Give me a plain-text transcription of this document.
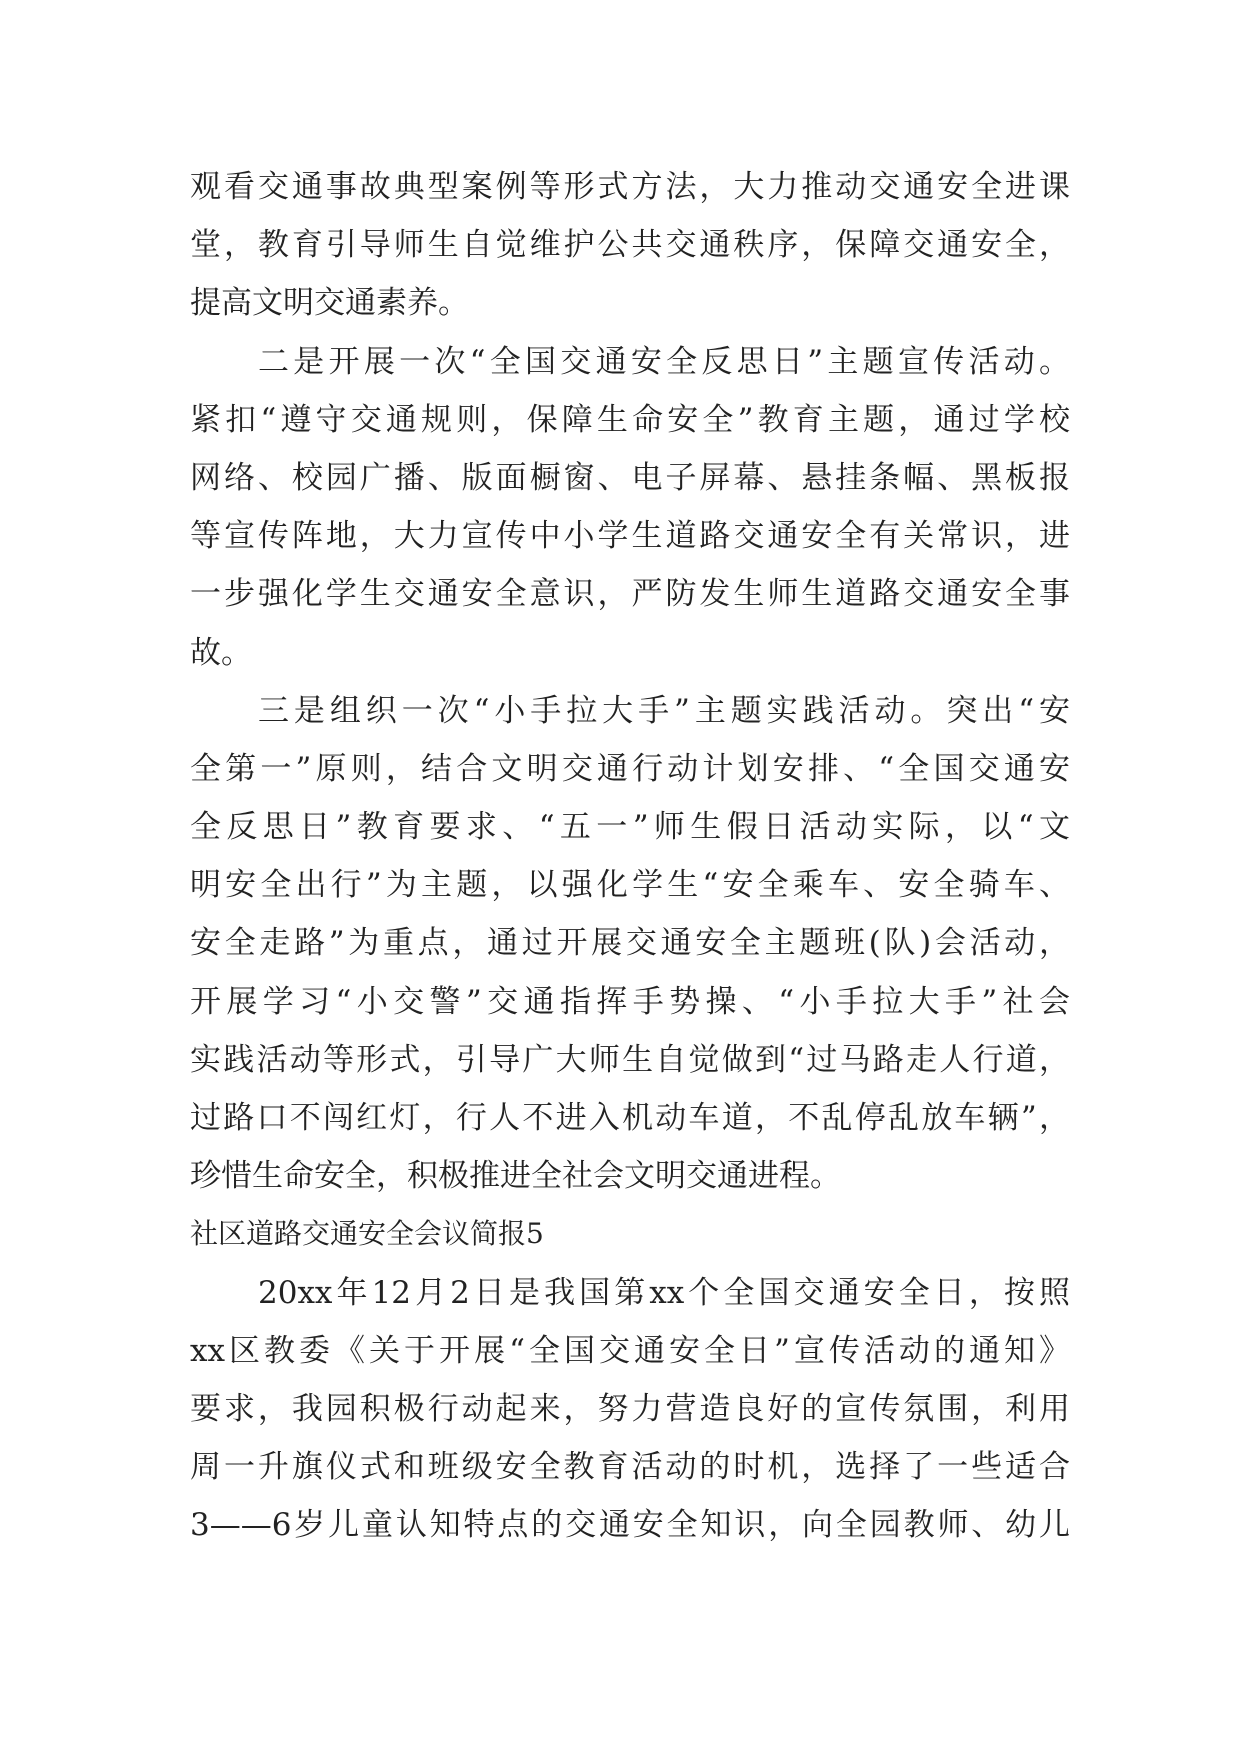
观看交通事故典型案例等形式方法，大力推动交通安全进课
堂，教育引导师生自觉维护公共交通秩序，保障交通安全，
提高文明交通素养。
二是开展一次“全国交通安全反思日”主题宣传活动。
紧扣“遵守交通规则，保障生命安全”教育主题，通过学校
网络、校园广播、版面橱窗、电子屏幕、悬挂条幅、黑板报
等宣传阵地，大力宣传中小学生道路交通安全有关常识，进
一步强化学生交通安全意识，严防发生师生道路交通安全事
故。
三是组织一次“小手拉大手”主题实践活动。突出“安
全第一”原则，结合文明交通行动计划安排、“全国交通安
全反思日”教育要求、“五一”师生假日活动实际，以“文
明安全出行”为主题，以强化学生“安全乘车、安全骑车、
安全走路”为重点，通过开展交通安全主题班(队)会活动，
开展学习“小交警”交通指挥手势操、“小手拉大手”社会
实践活动等形式，引导广大师生自觉做到“过马路走人行道，
过路口不闯红灯，行人不进入机动车道，不乱停乱放车辆”，
珍惜生命安全，积极推进全社会文明交通进程。
社区道路交通安全会议简报5
20xx年12月2日是我国第xx个全国交通安全日，按照
xx区教委《关于开展“全国交通安全日”宣传活动的通知》
要求，我园积极行动起来，努力营造良好的宣传氛围，利用
周一升旗仪式和班级安全教育活动的时机，选择了一些适合
3——6岁儿童认知特点的交通安全知识，向全园教师、幼儿
